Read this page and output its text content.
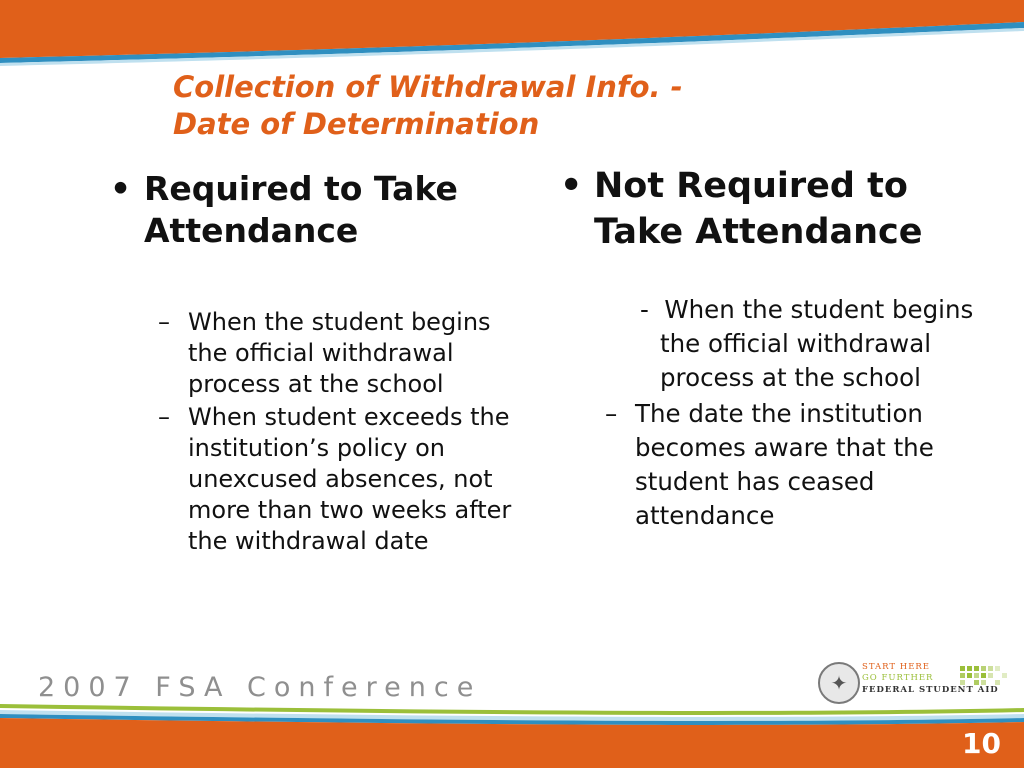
Collection of Withdrawal Info. -
Date of Determination
• Required to Take Attendance
– When the student begins the official withdrawal process at the school
– When student exceeds the institution’s policy on unexcused absences, not more than two weeks after the withdrawal date
• Not Required to Take Attendance
-  When the student begins the official withdrawal process at the school
– The date the institution becomes aware that the student has ceased attendance
2007 FSA Conference	✦
START HERE
GO FURTHER
FEDERAL STUDENT AID
10
